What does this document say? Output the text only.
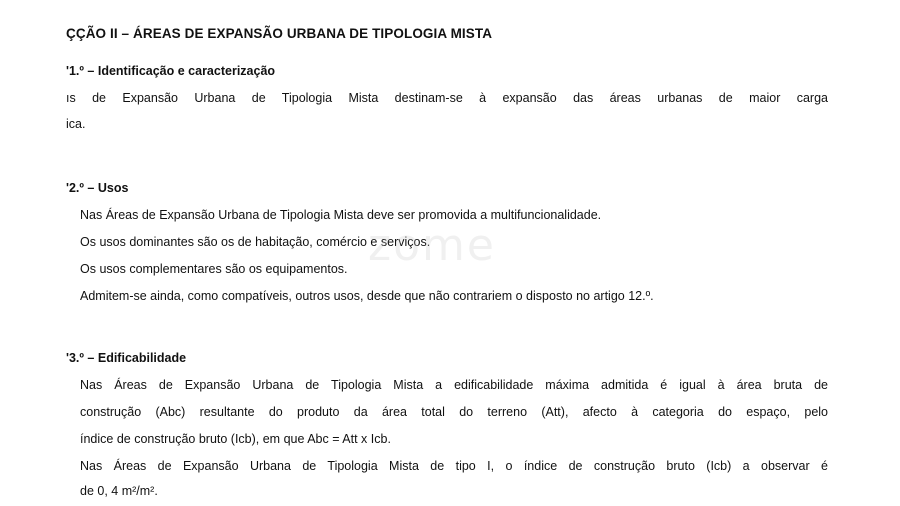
ÇÇÃO II – ÁREAS DE EXPANSÃO URBANA DE TIPOLOGIA MISTA
'1.º – Identificação e caracterização
ıs de Expansão Urbana de Tipologia Mista destinam-se à expansão das áreas urbanas de maior carga
ica.
'2.º – Usos
Nas Áreas de Expansão Urbana de Tipologia Mista deve ser promovida a multifuncionalidade.
Os usos dominantes são os de habitação, comércio e serviços.
Os usos complementares são os equipamentos.
Admitem-se ainda, como compatíveis, outros usos, desde que não contrariem o disposto no artigo 12.º.
'3.º – Edificabilidade
Nas Áreas de Expansão Urbana de Tipologia Mista a edificabilidade máxima admitida é igual à área bruta de
construção (Abc) resultante do produto da área total do terreno (Att), afecto à categoria do espaço, pelo
índice de construção bruto (Icb), em que Abc = Att x Icb.
Nas Áreas de Expansão Urbana de Tipologia Mista de tipo I, o índice de construção bruto (Icb) a observar é
de 0, 4 m²/m².
zome
